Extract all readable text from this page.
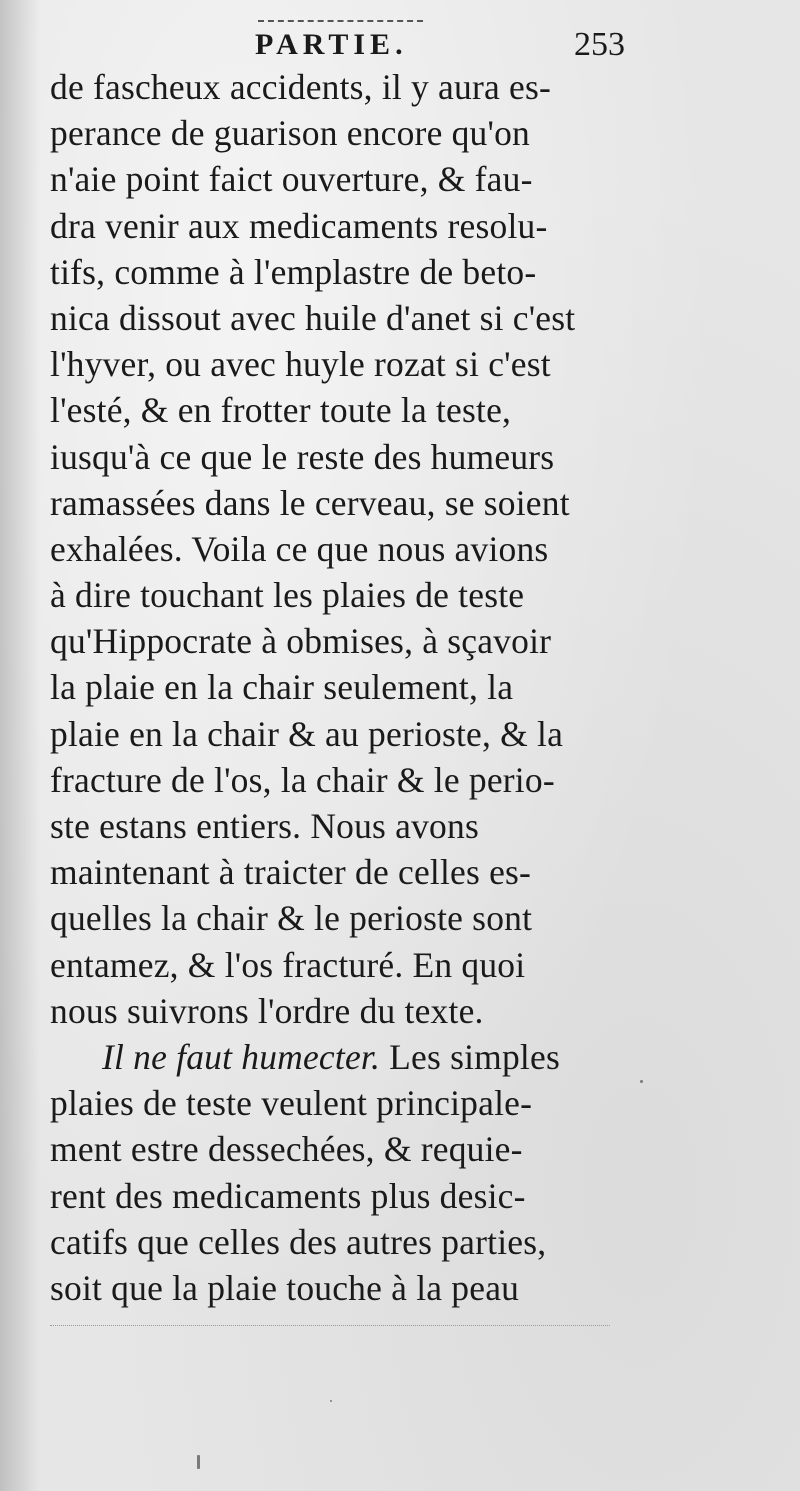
PARTIE.	253
de fascheux accidents, il y aura es-
perance de guarison encore qu'on
n'aie point faict ouverture, & fau-
dra venir aux medicaments resolu-
tifs, comme à l'emplastre de beto-
nica dissout avec huile d'anet si c'est
l'hyver, ou avec huyle rozat si c'est
l'esté, & en frotter toute la teste,
iusqu'à ce que le reste des humeurs
ramassées dans le cerveau, se soient
exhalées. Voila ce que nous avions
à dire touchant les plaies de teste
qu'Hippocrate à obmises, à sçavoir
la plaie en la chair seulement, la
plaie en la chair & au perioste, & la
fracture de l'os, la chair & le perio-
ste estans entiers. Nous avons
maintenant à traicter de celles es-
quelles la chair & le perioste sont
entamez, & l'os fracturé. En quoi
nous suivrons l'ordre du texte.
Il ne faut humecter. Les simples
plaies de teste veulent principale-
ment estre dessechées, & requie-
rent des medicaments plus desic-
catifs que celles des autres parties,
soit que la plaie touche à la peau
